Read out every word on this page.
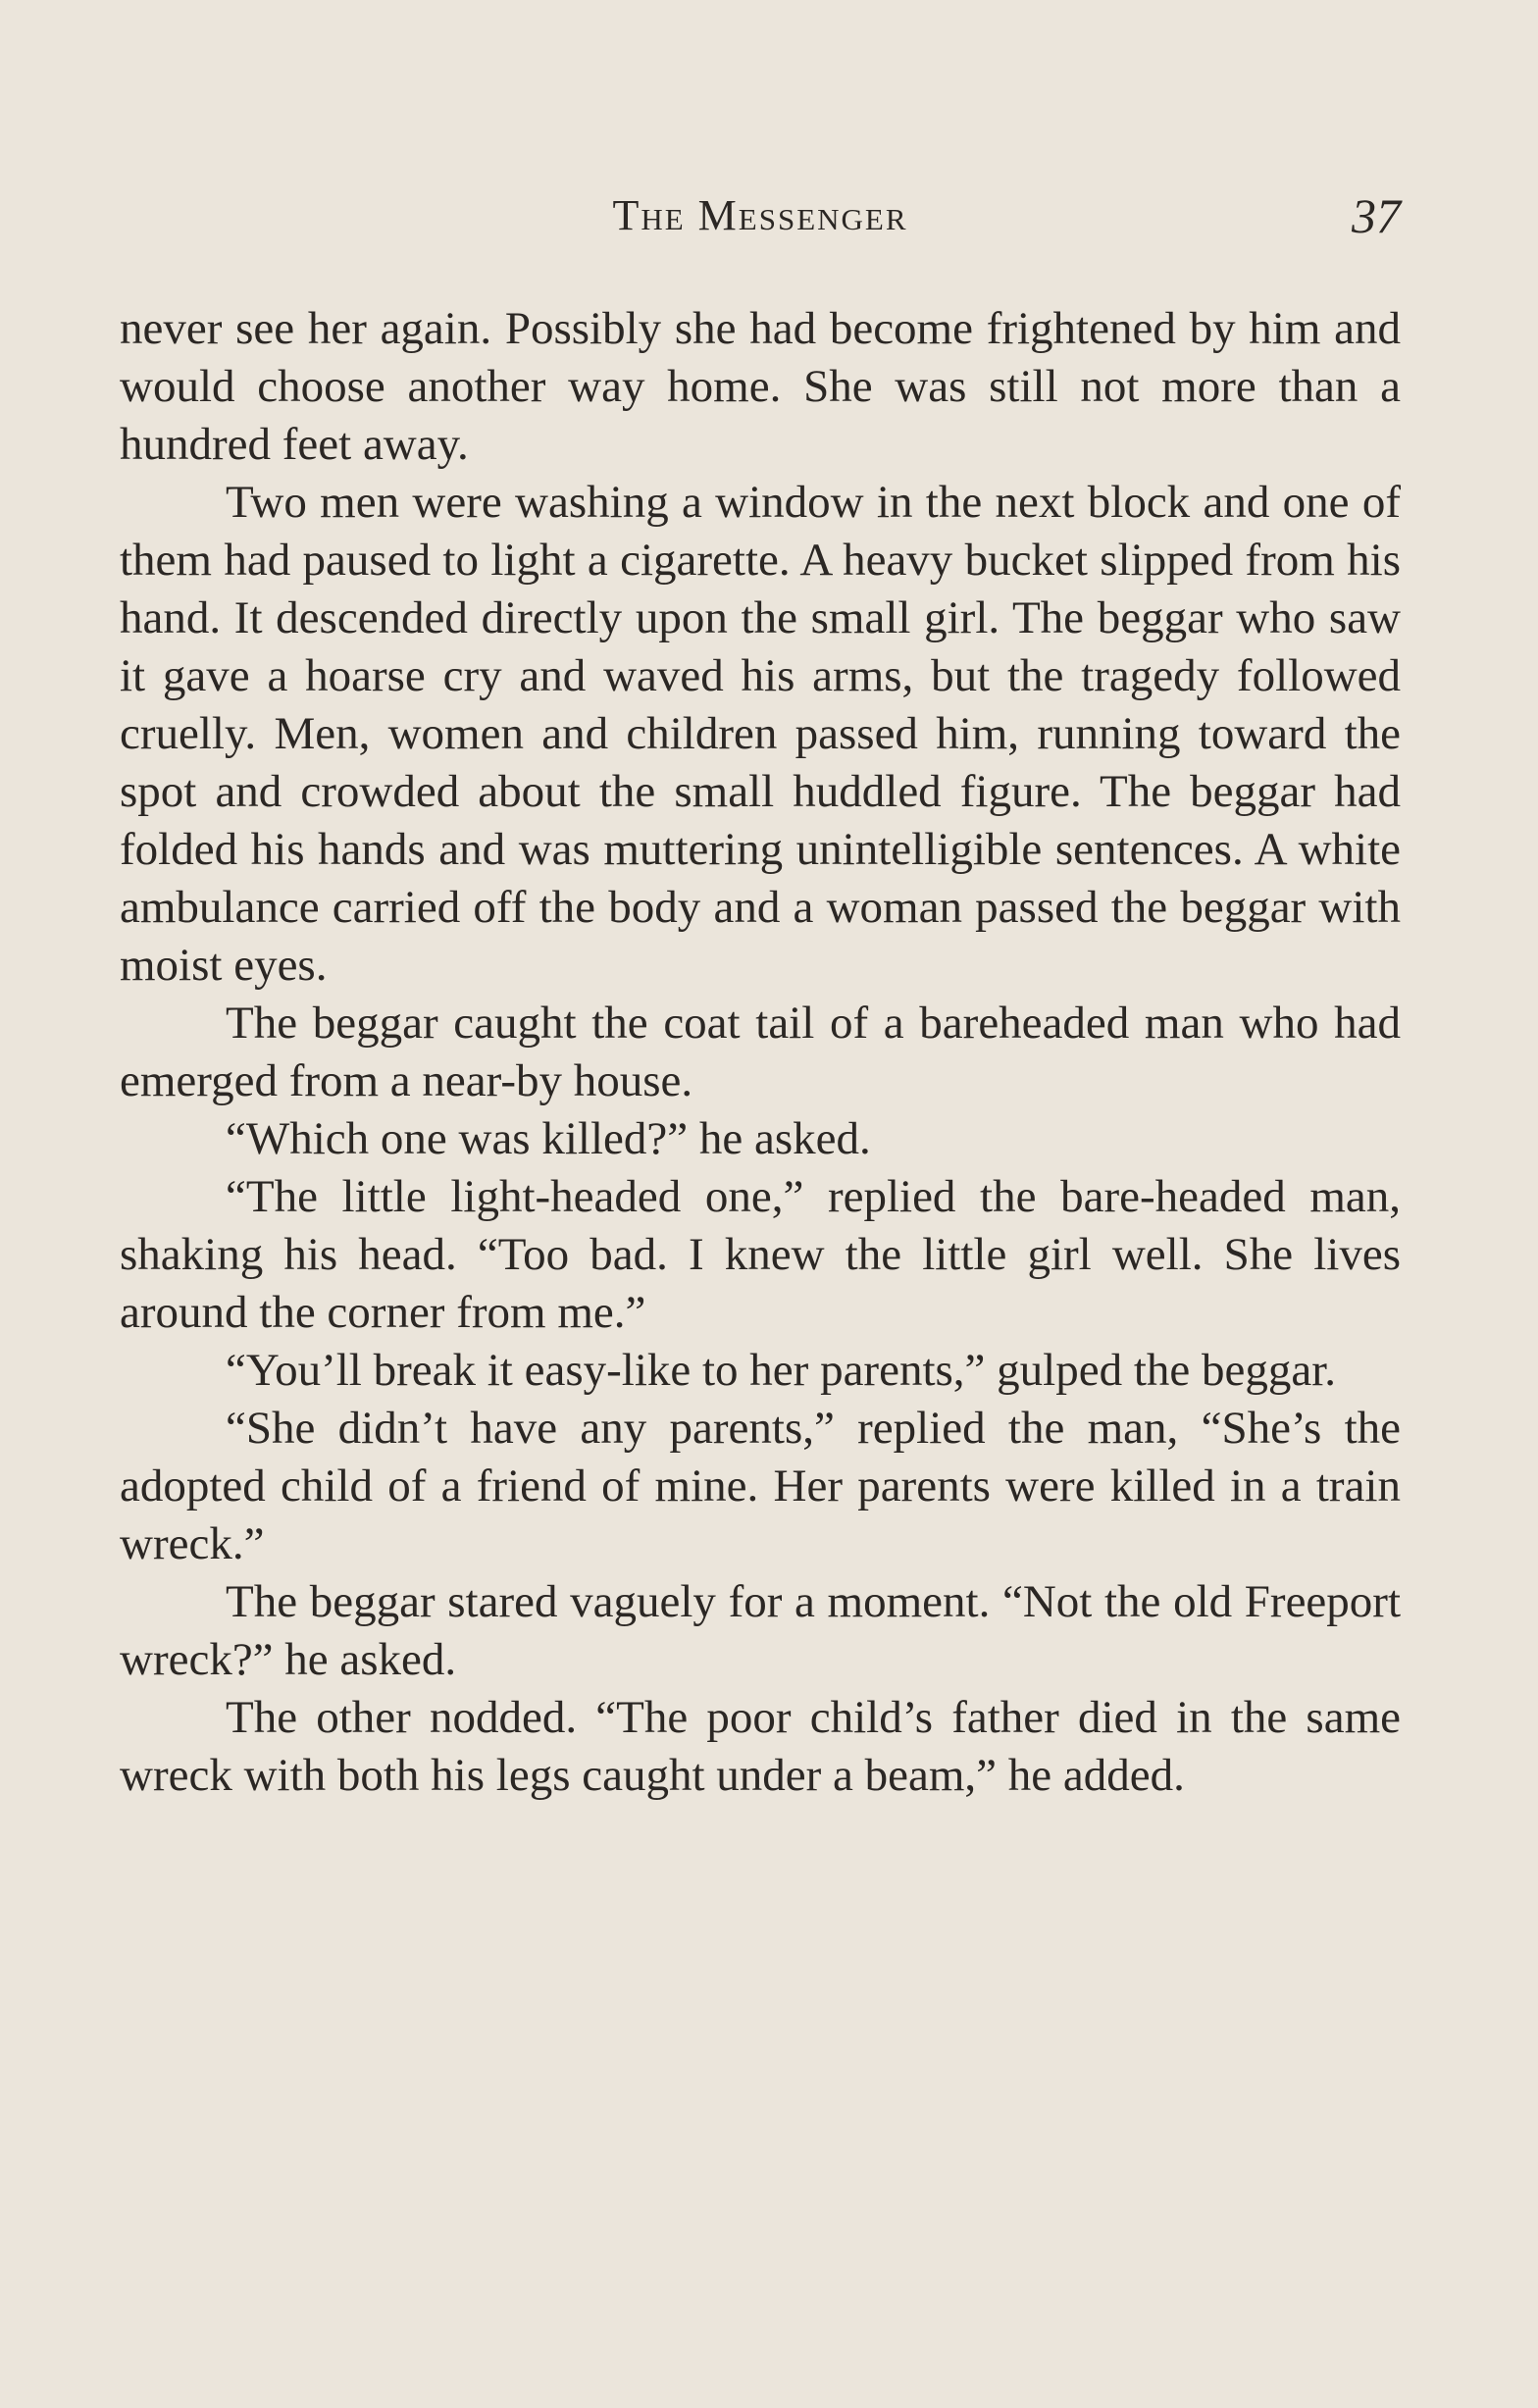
The Messenger	37

never see her again. Possibly she had become frightened by him and would choose another way home. She was still not more than a hundred feet away.

Two men were washing a window in the next block and one of them had paused to light a cigarette. A heavy bucket slipped from his hand. It descended directly upon the small girl. The beggar who saw it gave a hoarse cry and waved his arms, but the tragedy followed cruelly. Men, women and children passed him, running toward the spot and crowded about the small huddled figure. The beggar had folded his hands and was muttering unintelligible sentences. A white ambulance carried off the body and a woman passed the beggar with moist eyes.

The beggar caught the coat tail of a bareheaded man who had emerged from a near-by house.

“Which one was killed?” he asked.

“The little light-headed one,” replied the bare-headed man, shaking his head. “Too bad. I knew the little girl well. She lives around the corner from me.”

“You’ll break it easy-like to her parents,” gulped the beggar.

“She didn’t have any parents,” replied the man, “She’s the adopted child of a friend of mine. Her parents were killed in a train wreck.”

The beggar stared vaguely for a moment. “Not the old Freeport wreck?” he asked.

The other nodded. “The poor child’s father died in the same wreck with both his legs caught under a beam,” he added.
